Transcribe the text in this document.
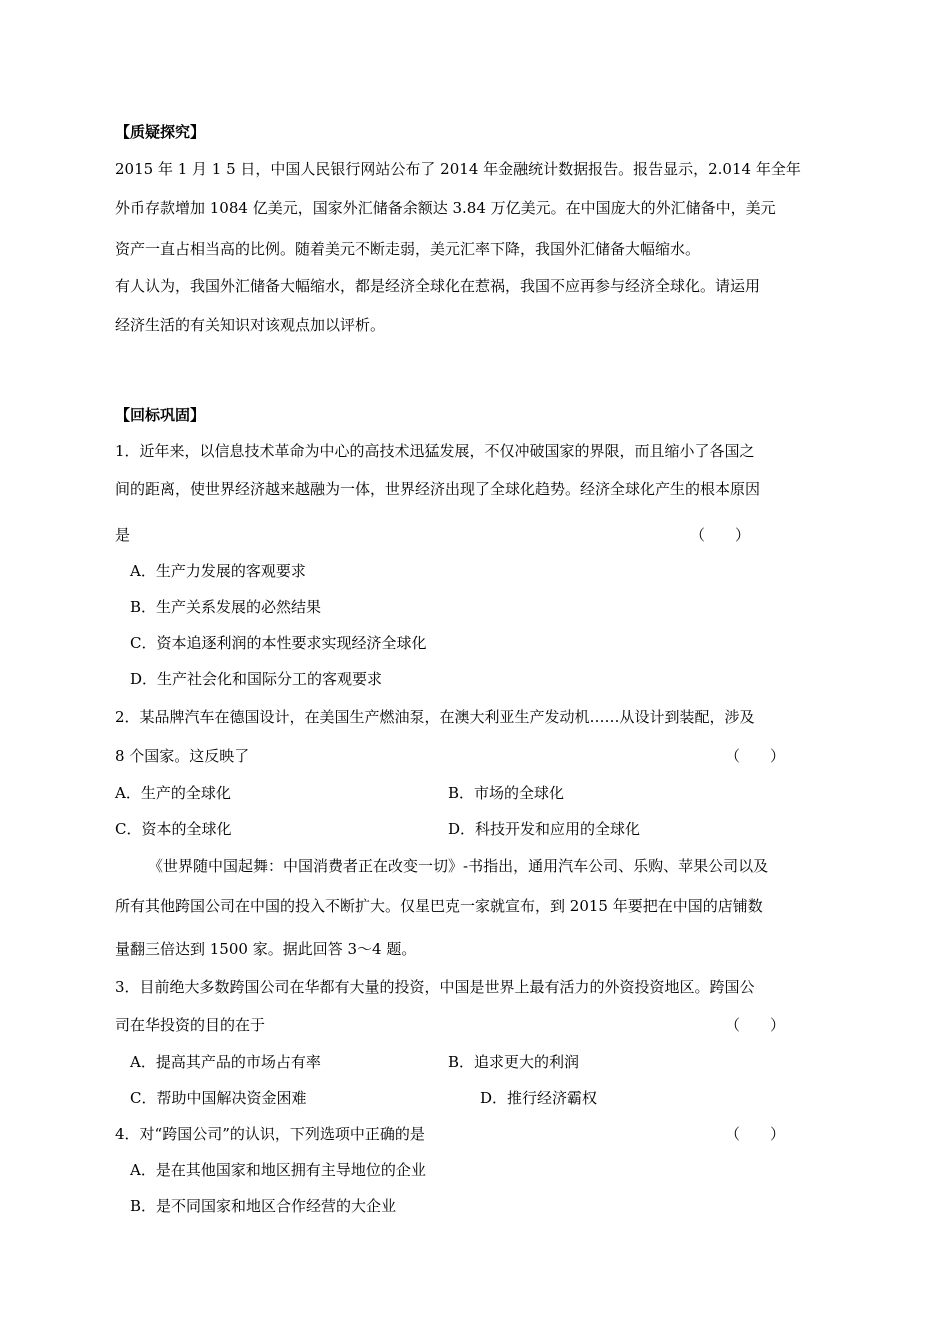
【质疑探究】
2015 年 1 月 1 5 日，中国人民银行网站公布了 2014 年金融统计数据报告。报告显示，2.014 年全年
外币存款增加 1084 亿美元，国家外汇储备余额达 3.84 万亿美元。在中国庞大的外汇储备中，美元
资产一直占相当高的比例。随着美元不断走弱，美元汇率下降，我国外汇储备大幅缩水。
有人认为，我国外汇储备大幅缩水，都是经济全球化在惹祸，我国不应再参与经济全球化。请运用
经济生活的有关知识对该观点加以评析。
【回标巩固】
1．近年来，以信息技术革命为中心的高技术迅猛发展，不仅冲破国家的界限，而且缩小了各国之
间的距离，使世界经济越来越融为一体，世界经济出现了全球化趋势。经济全球化产生的根本原因
是	（　　）
A．生产力发展的客观要求
B．生产关系发展的必然结果
C．资本追逐利润的本性要求实现经济全球化
D．生产社会化和国际分工的客观要求
2．某品牌汽车在德国设计，在美国生产燃油泵，在澳大利亚生产发动机……从设计到装配，涉及
8 个国家。这反映了	（　　）
A．生产的全球化	B．市场的全球化
C．资本的全球化	D．科技开发和应用的全球化
《世界随中国起舞：中国消费者正在改变一切》-书指出，通用汽车公司、乐购、苹果公司以及
所有其他跨国公司在中国的投入不断扩大。仅星巴克一家就宣布，到 2015 年要把在中国的店铺数
量翻三倍达到 1500 家。据此回答 3～4 题。
3．目前绝大多数跨国公司在华都有大量的投资，中国是世界上最有活力的外资投资地区。跨国公
司在华投资的目的在于	（　　）
A．提高其产品的市场占有率	B．追求更大的利润
C．帮助中国解决资金困难	D．推行经济霸权
4．对“跨国公司”的认识，下列选项中正确的是	（　　）
A．是在其他国家和地区拥有主导地位的企业
B．是不同国家和地区合作经营的大企业
